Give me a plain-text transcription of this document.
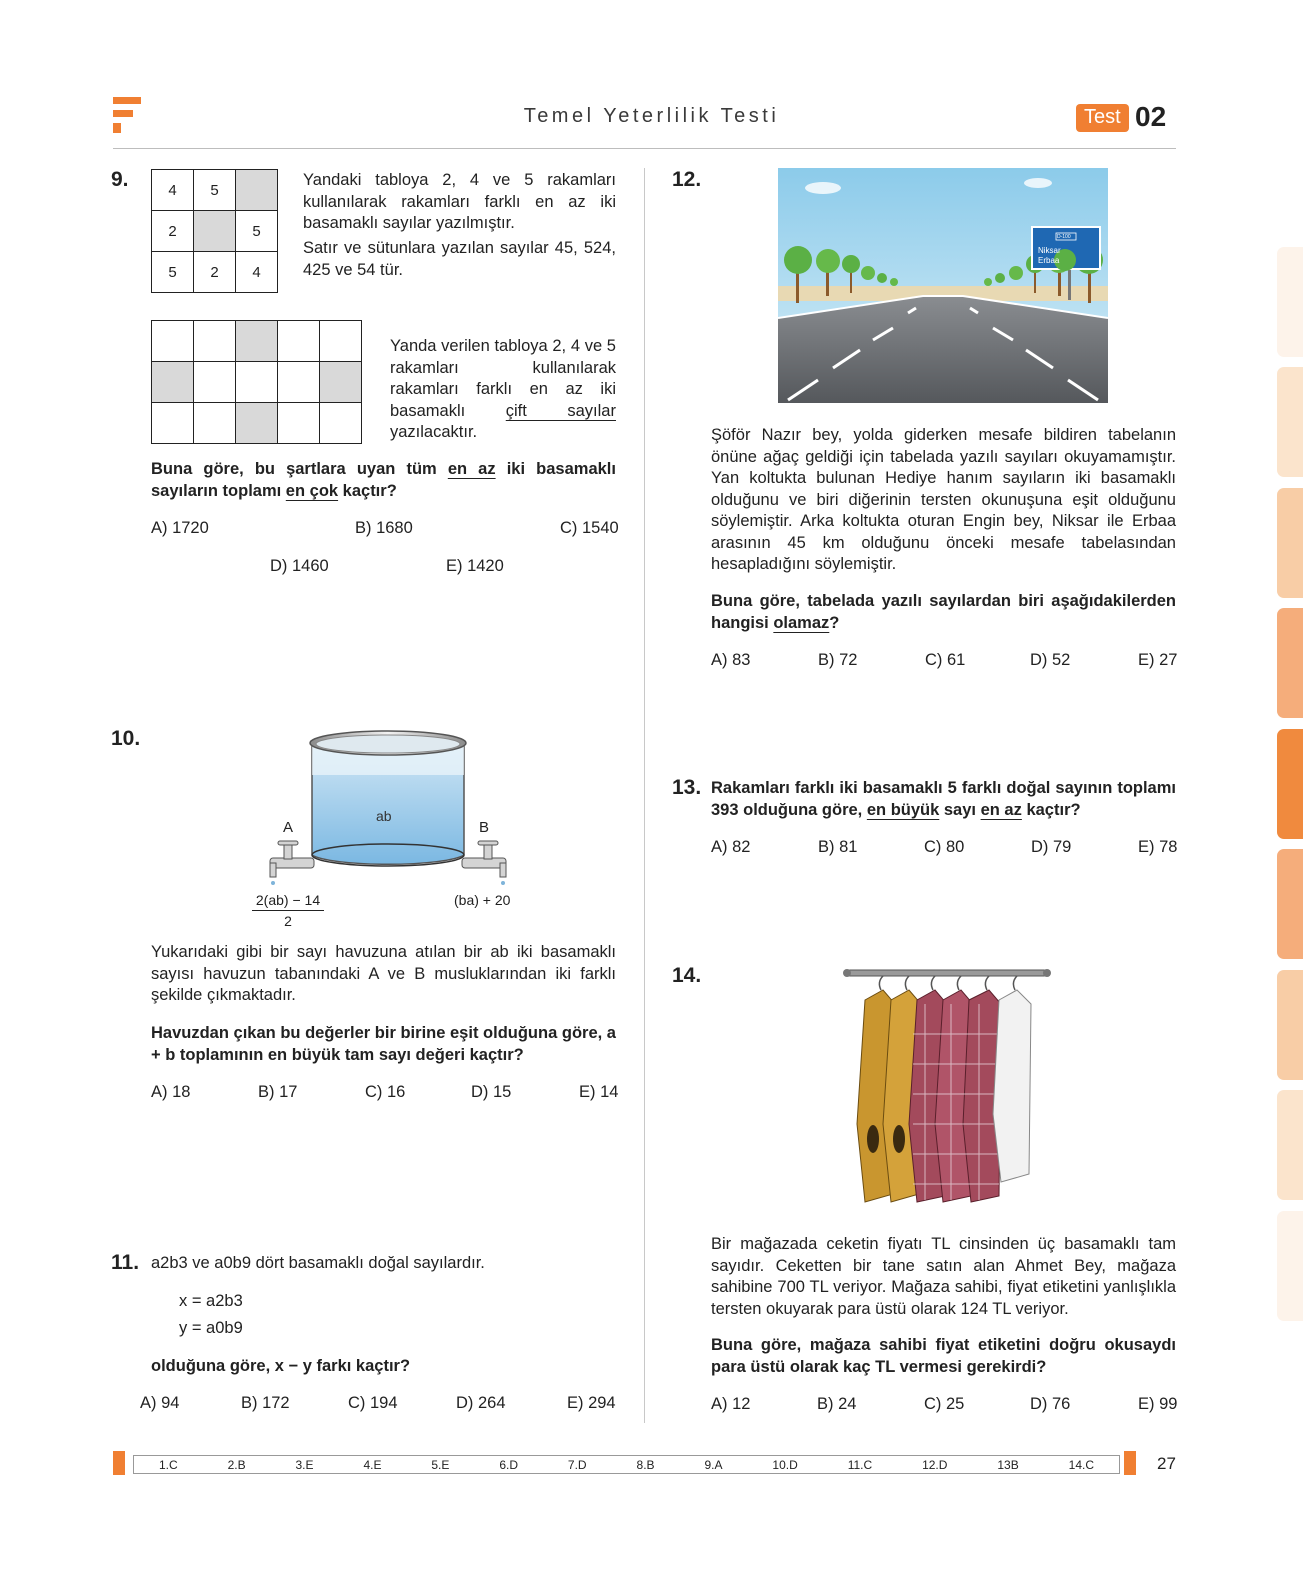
Temel Yeterlilik Testi	Test 02
9.	4	5	
2		5
5	2	4
Yandaki tabloya 2, 4 ve 5 rakamları kullanılarak rakamları farklı en az iki basamaklı sayılar yazılmıştır.
Satır ve sütunlara yazılan sayılar 45, 524, 425 ve 54 tür.

Yanda verilen tabloya 2, 4 ve 5 rakamları kullanılarak rakamları farklı en az iki basamaklı çift sayılar yazılacaktır.
Buna göre, bu şartlara uyan tüm en az iki basamaklı sayıların toplamı en çok kaçtır?
A) 1720	B) 1680	C) 1540
D) 1460	E) 1420
10.
ab
A	B
2(ab) − 14
2
(ba) + 20
Yukarıdaki gibi bir sayı havuzuna atılan bir ab iki basamaklı sayısı havuzun tabanındaki A ve B musluklarından iki farklı şekilde çıkmaktadır.
Havuzdan çıkan bu değerler bir birine eşit olduğuna göre, a + b toplamının en büyük tam sayı değeri kaçtır?
A) 18	B) 17	C) 16	D) 15	E) 14
11. a2b3 ve a0b9 dört basamaklı doğal sayılardır.
x = a2b3
y = a0b9
olduğuna göre, x − y farkı kaçtır?
A) 94	B) 172	C) 194	D) 264	E) 294
12.
D-100
Niksar
Erbaa
Şöför Nazır bey, yolda giderken mesafe bildiren tabelanın önüne ağaç geldiği için tabelada yazılı sayıları okuyamamıştır. Yan koltukta bulunan Hediye hanım sayıların iki basamaklı olduğunu ve biri diğerinin tersten okunuşuna eşit olduğunu söylemiştir. Arka koltukta oturan Engin bey, Niksar ile Erbaa arasının 45 km olduğunu önceki mesafe tabelasından hesapladığını söylemiştir.
Buna göre, tabelada yazılı sayılardan biri aşağıdakilerden hangisi olamaz?
A) 83	B) 72	C) 61	D) 52	E) 27
13. Rakamları farklı iki basamaklı 5 farklı doğal sayının toplamı 393 olduğuna göre, en büyük sayı en az kaçtır?
A) 82	B) 81	C) 80	D) 79	E) 78
14.
Bir mağazada ceketin fiyatı TL cinsinden üç basamaklı tam sayıdır. Ceketten bir tane satın alan Ahmet Bey, mağaza sahibine 700 TL veriyor. Mağaza sahibi, fiyat etiketini yanlışlıkla tersten okuyarak para üstü olarak 124 TL veriyor.
Buna göre, mağaza sahibi fiyat etiketini doğru okusaydı para üstü olarak kaç TL vermesi gerekirdi?
A) 12	B) 24	C) 25	D) 76	E) 99
1.C	2.B	3.E	4.E	5.E	6.D	7.D	8.B	9.A	10.D	11.C	12.D	13B	14.C	27
